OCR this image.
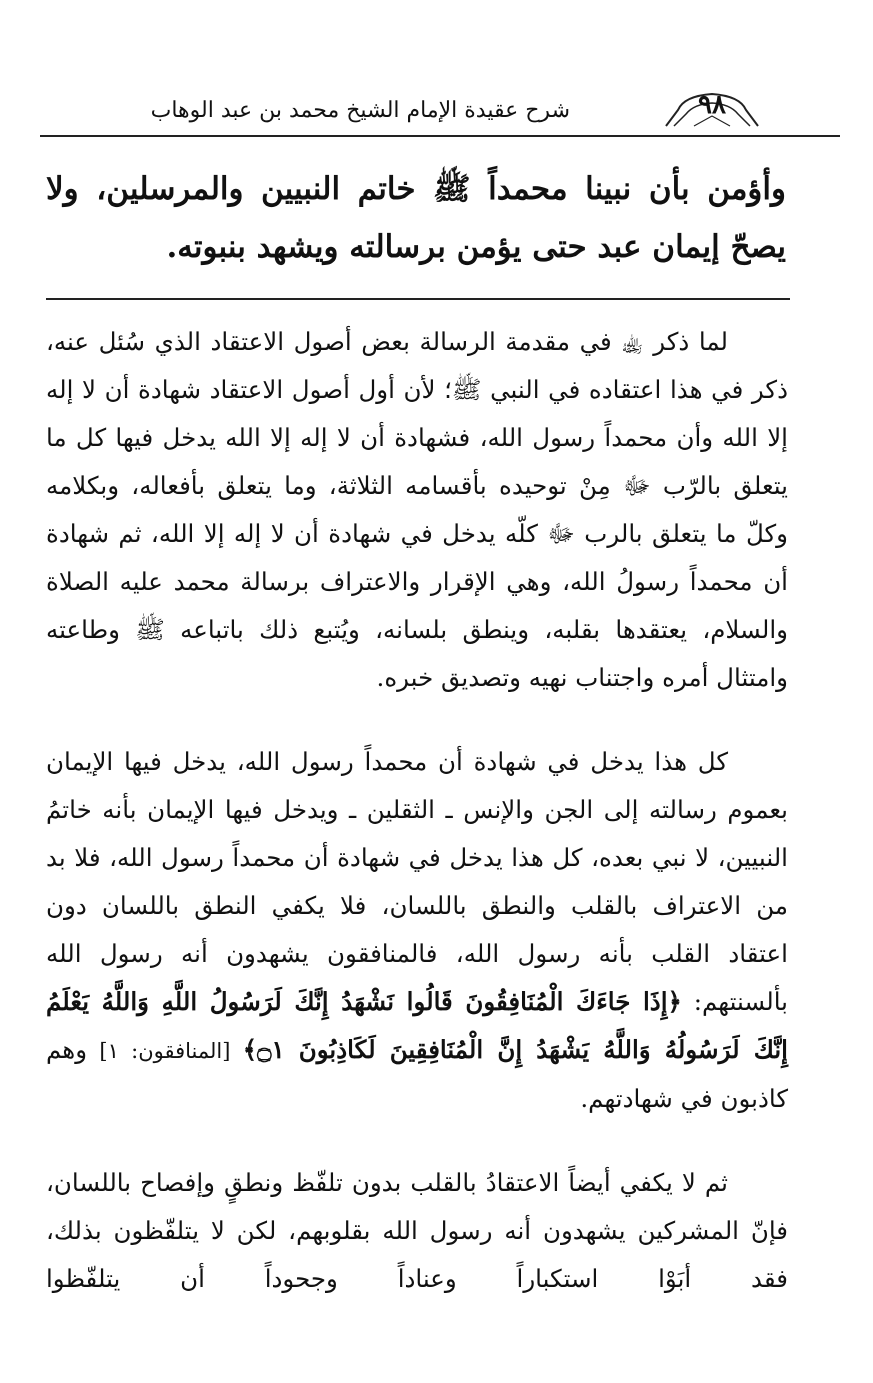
٩٨
شرح عقيدة الإمام الشيخ محمد بن عبد الوهاب
وأؤمن بأن نبينا محمداً ﷺ خاتم النبيين والمرسلين، ولا يصحّ إيمان عبد حتى يؤمن برسالته ويشهد بنبوته.

لما ذكر ﵀ في مقدمة الرسالة بعض أصول الاعتقاد الذي سُئل عنه، ذكر في هذا اعتقاده في النبي ﷺ؛ لأن أول أصول الاعتقاد شهادة أن لا إله إلا الله وأن محمداً رسول الله، فشهادة أن لا إله إلا الله يدخل فيها كل ما يتعلق بالرّب ﷻ مِنْ توحيده بأقسامه الثلاثة، وما يتعلق بأفعاله، وبكلامه وكلّ ما يتعلق بالرب ﷻ كلّه يدخل في شهادة أن لا إله إلا الله، ثم شهادة أن محمداً رسولُ الله، وهي الإقرار والاعتراف برسالة محمد عليه الصلاة والسلام، يعتقدها بقلبه، وينطق بلسانه، ويُتبع ذلك باتباعه ﷺ وطاعته وامتثال أمره واجتناب نهيه وتصديق خبره.

كل هذا يدخل في شهادة أن محمداً رسول الله، يدخل فيها الإيمان بعموم رسالته إلى الجن والإنس ـ الثقلين ـ ويدخل فيها الإيمان بأنه خاتمُ النبيين، لا نبي بعده، كل هذا يدخل في شهادة أن محمداً رسول الله، فلا بد من الاعتراف بالقلب والنطق باللسان، فلا يكفي النطق باللسان دون اعتقاد القلب بأنه رسول الله، فالمنافقون يشهدون أنه رسول الله بألسنتهم: ﴿إِذَا جَاءَكَ الْمُنَافِقُونَ قَالُوا نَشْهَدُ إِنَّكَ لَرَسُولُ اللَّهِ وَاللَّهُ يَعْلَمُ إِنَّكَ لَرَسُولُهُ وَاللَّهُ يَشْهَدُ إِنَّ الْمُنَافِقِينَ لَكَاذِبُونَ ۝١﴾ [المنافقون: ١] وهم كاذبون في شهادتهم.

ثم لا يكفي أيضاً الاعتقادُ بالقلب بدون تلفّظ ونطقٍ وإفصاح باللسان، فإنّ المشركين يشهدون أنه رسول الله بقلوبهم، لكن لا يتلفّظون بذلك، فقد أبَوْا استكباراً وعناداً وجحوداً أن يتلفّظوا
